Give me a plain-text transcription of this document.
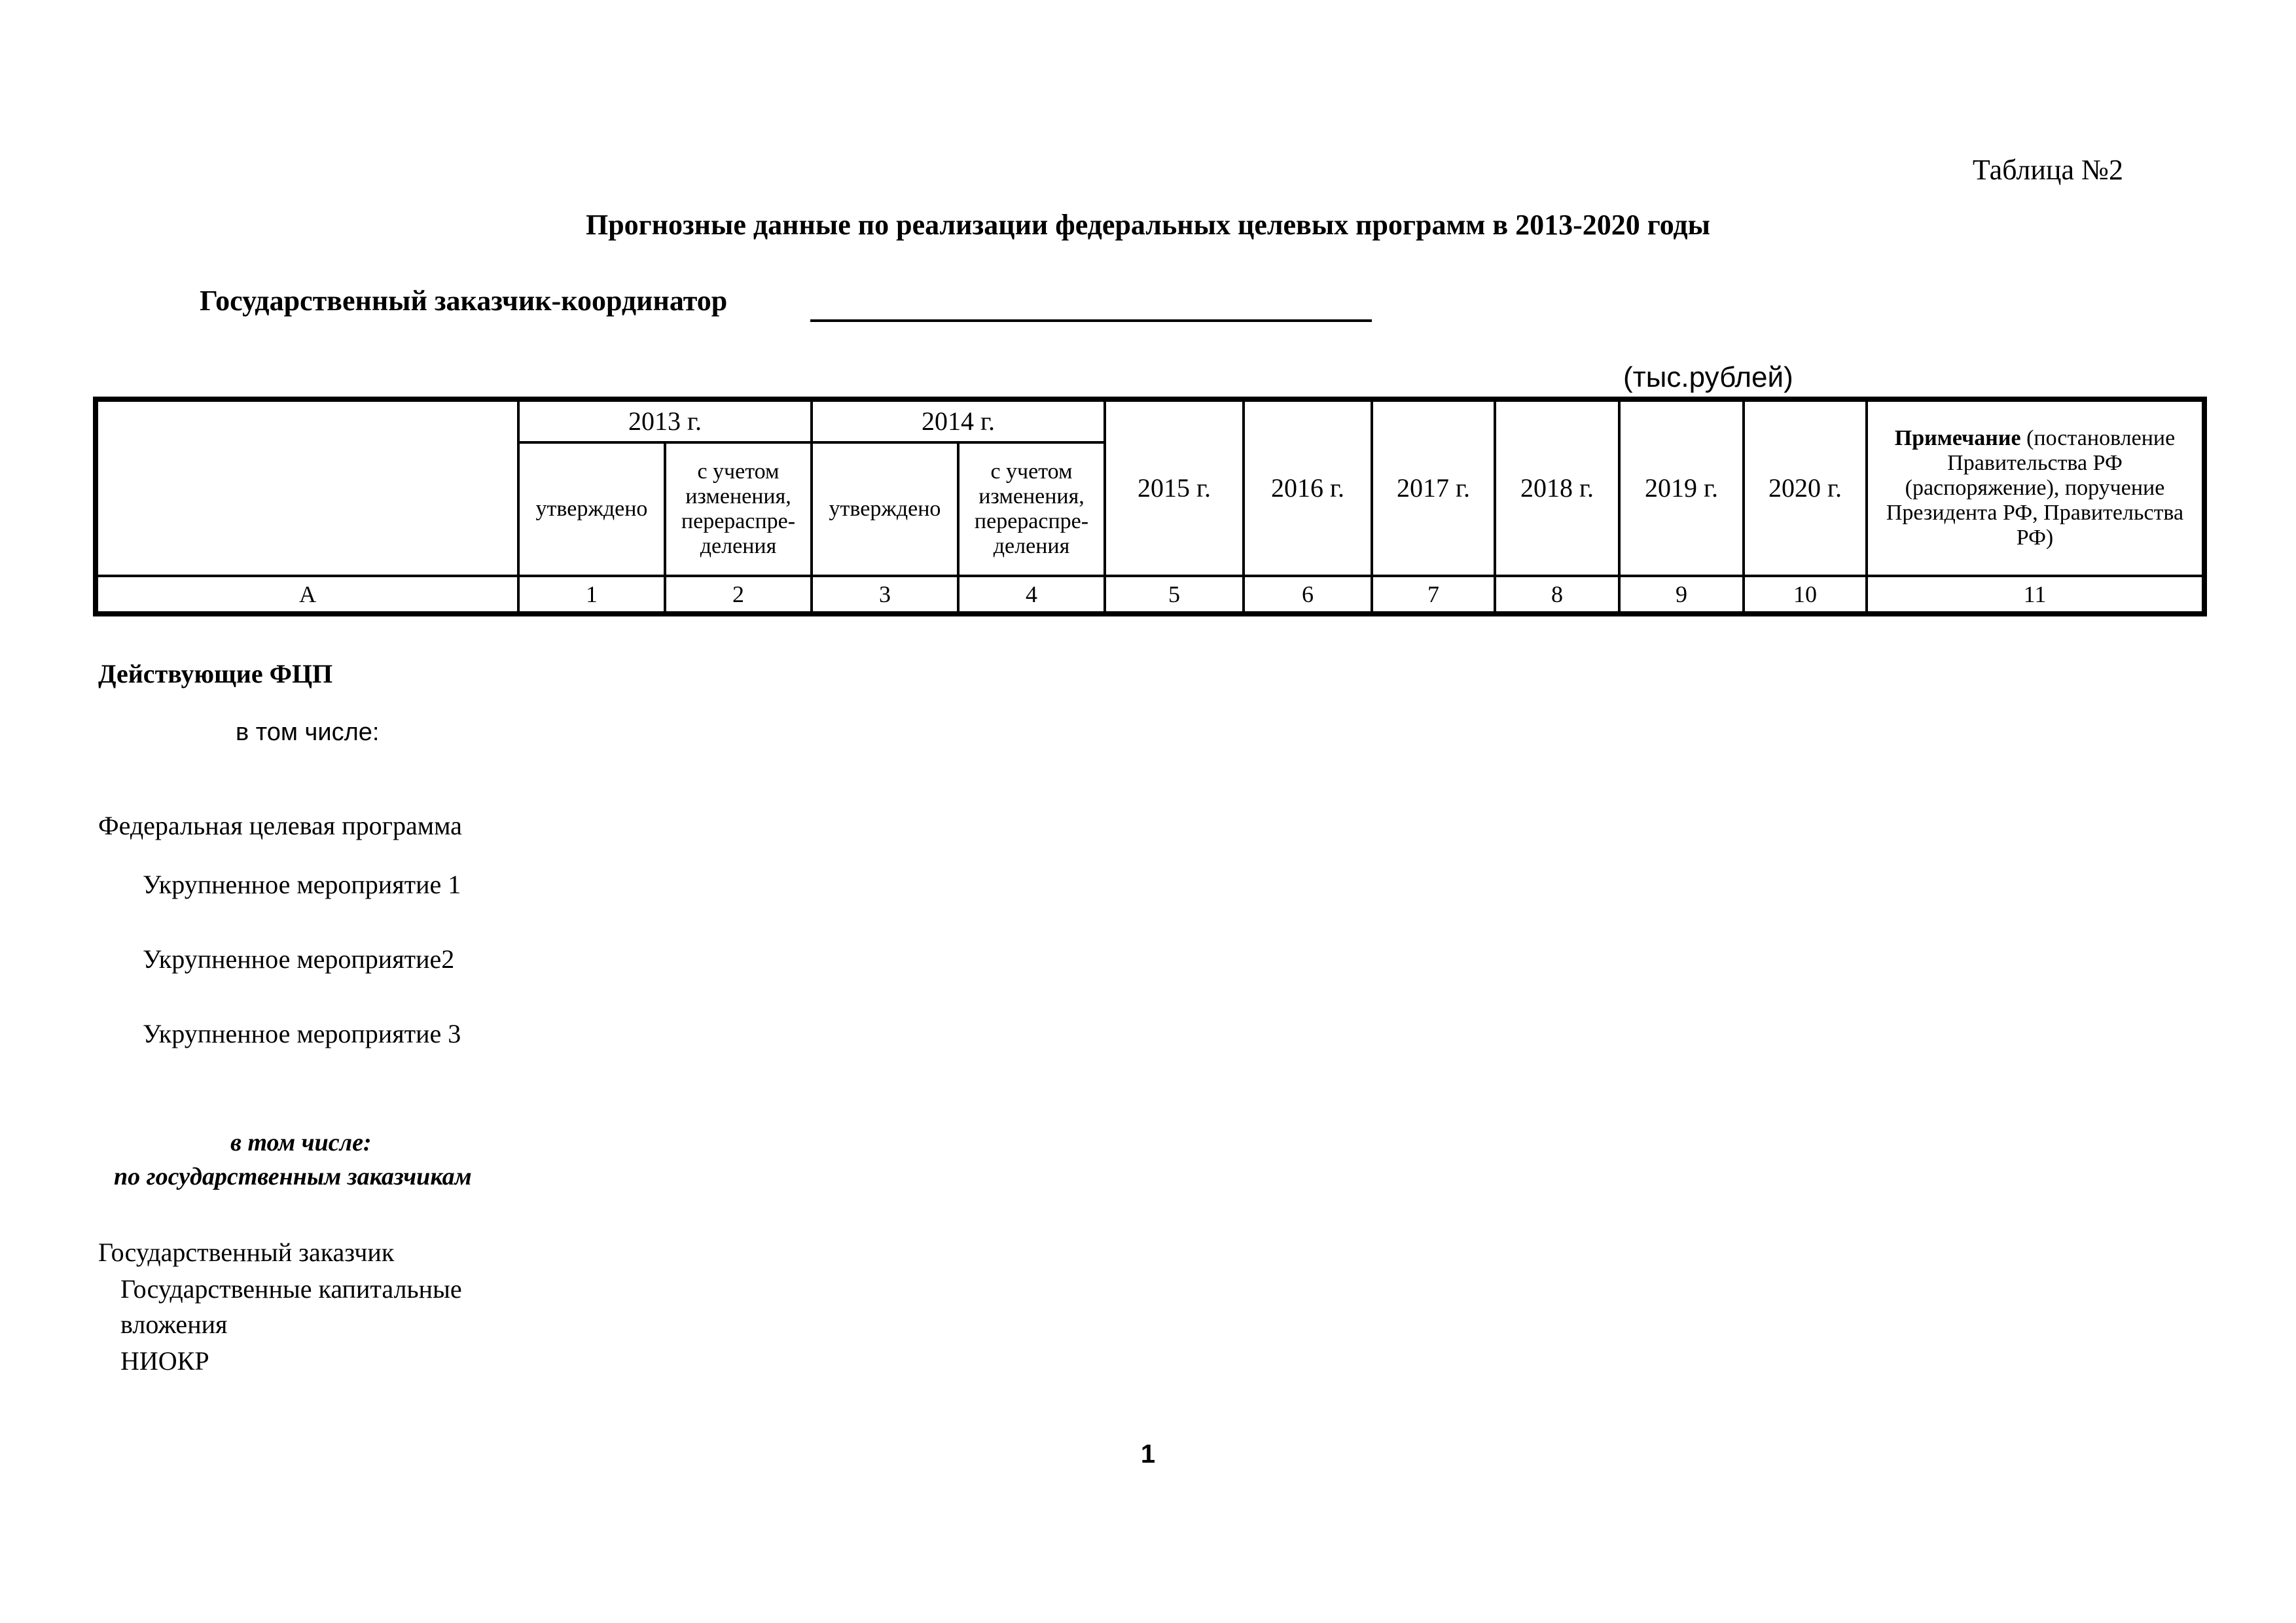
Таблица №2
Прогнозные данные по реализации федеральных целевых программ в 2013-2020 годы
Государственный заказчик-координатор
(тыс.рублей)
	2013 г.		2014 г.		2015 г.	2016 г.	2017 г.	2018 г.	2019 г.	2020 г.	Примечание (постановление Правительства РФ (распоряжение), поручение Президента РФ, Правительства РФ)
	утверждено	с учетом изменения, перераспре-деления	утверждено	с учетом изменения, перераспре-деления							
А	1	2	3	4	5	6	7	8	9	10	11
Действующие ФЦП
в том числе:
Федеральная целевая программа
Укрупненное мероприятие 1
Укрупненное мероприятие2
Укрупненное мероприятие 3
в том числе:
по государственным заказчикам
Государственный заказчик
Государственные капитальные
вложения
НИОКР
1
